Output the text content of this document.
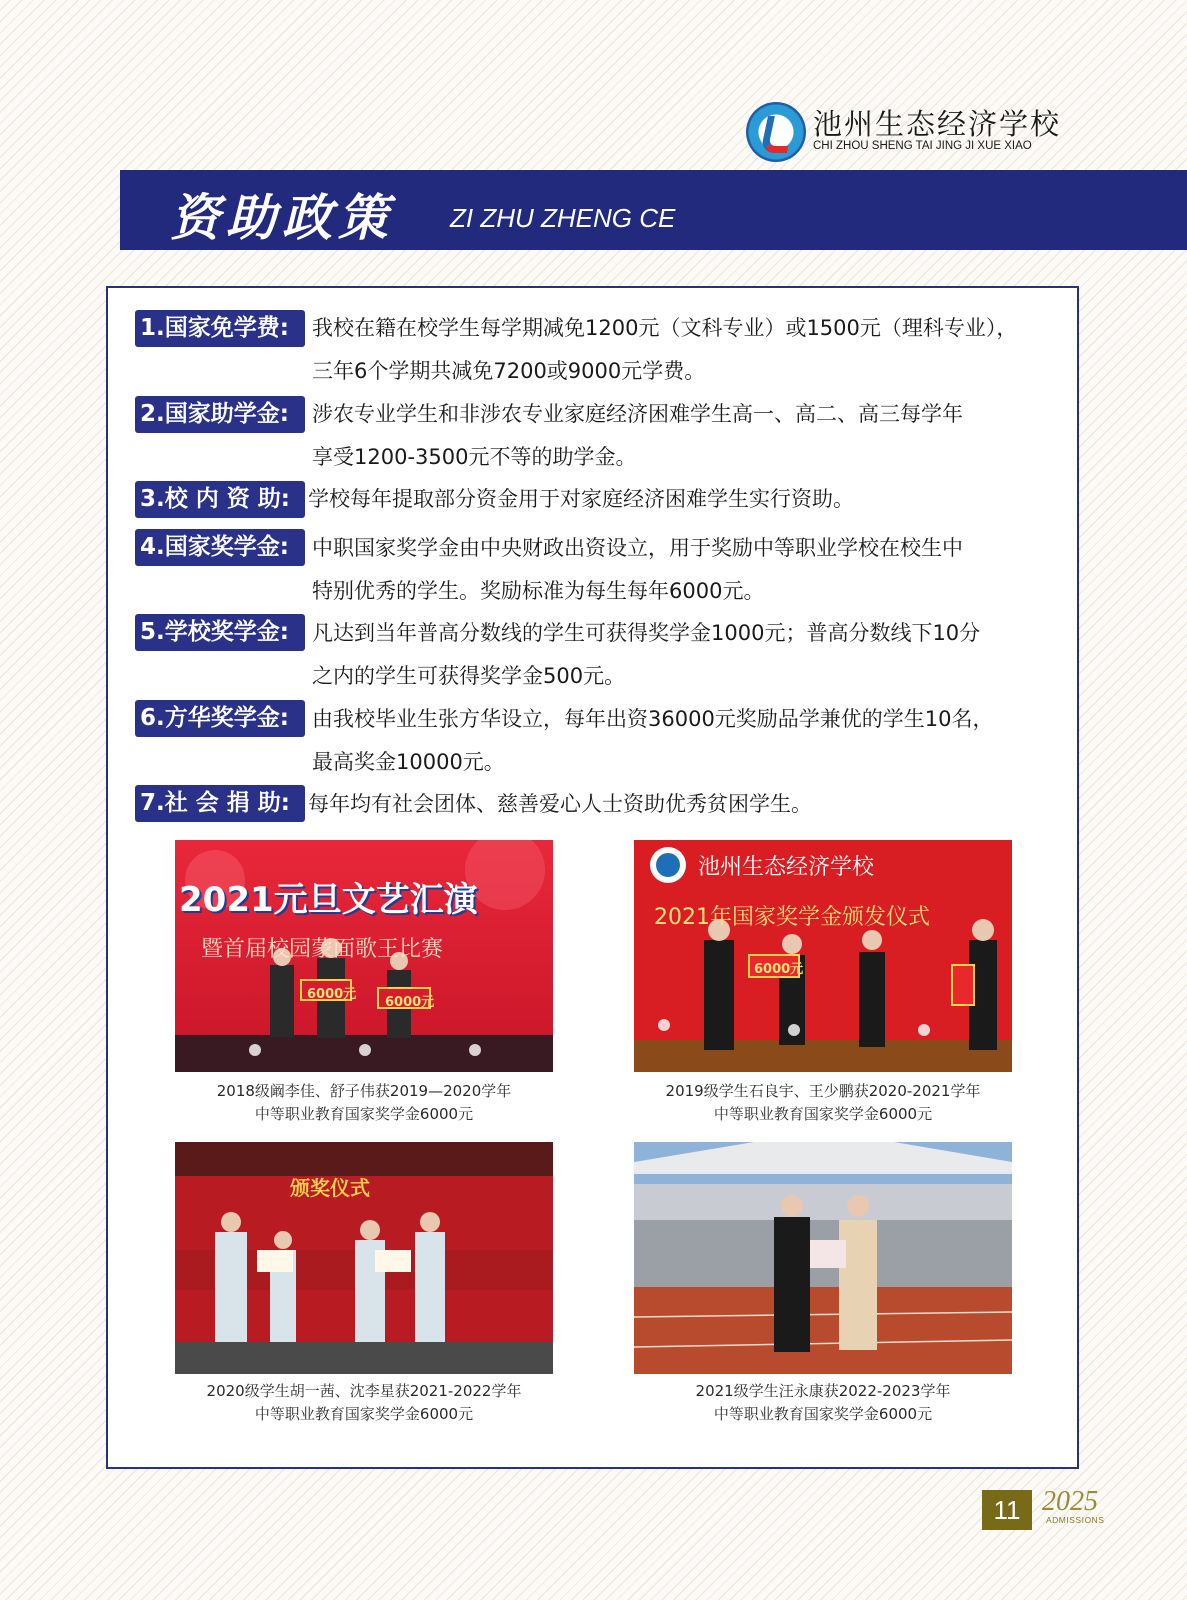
池州生态经济学校
CHI ZHOU SHENG TAI JING JI XUE XIAO
资助政策 ZI ZHU ZHENG CE
1.国家免学费:	我校在籍在校学生每学期减免1200元（文科专业）或1500元（理科专业），
三年6个学期共减免7200或9000元学费。
2.国家助学金:	涉农专业学生和非涉农专业家庭经济困难学生高一、高二、高三每学年
享受1200-3500元不等的助学金。
3.校 内 资 助: 学校每年提取部分资金用于对家庭经济困难学生实行资助。
4.国家奖学金:	中职国家奖学金由中央财政出资设立，用于奖励中等职业学校在校生中
特别优秀的学生。奖励标准为每生每年6000元。
5.学校奖学金:	凡达到当年普高分数线的学生可获得奖学金1000元；普高分数线下10分
之内的学生可获得奖学金500元。
6.方华奖学金:	由我校毕业生张方华设立，每年出资36000元奖励品学兼优的学生10名，
最高奖金10000元。
7.社 会 捐 助: 每年均有社会团体、慈善爱心人士资助优秀贫困学生。
2021元旦文艺汇演
暨首届校园蒙面歌王比赛
6000元
6000元
2018级阚李佳、舒子伟获2019—2020学年
中等职业教育国家奖学金6000元
池州生态经济学校
2021年国家奖学金颁发仪式
6000元
2019级学生石良宇、王少鹏获2020-2021学年
中等职业教育国家奖学金6000元
颁奖仪式
2020级学生胡一茜、沈李星获2021-2022学年
中等职业教育国家奖学金6000元
2021级学生汪永康获2022-2023学年
中等职业教育国家奖学金6000元
11 2025
ADMISSIONS
